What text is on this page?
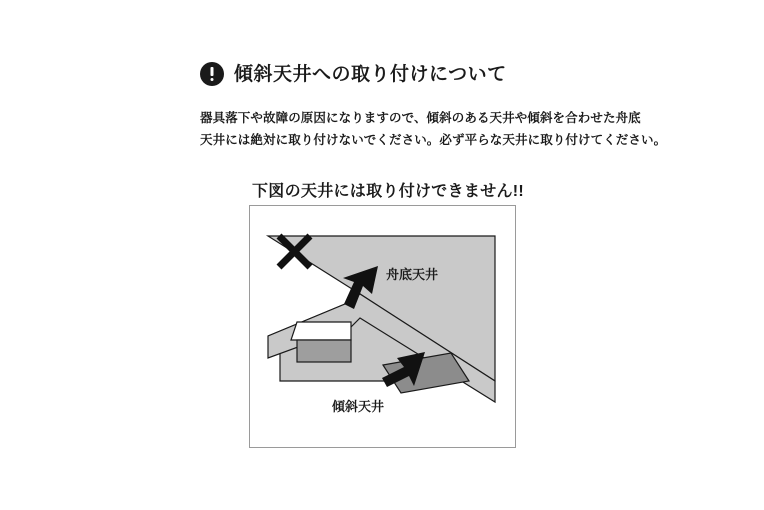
傾斜天井への取り付けについて
器具落下や故障の原因になりますので、傾斜のある天井や傾斜を合わせた舟底
天井には絶対に取り付けないでください。必ず平らな天井に取り付けてください。
下図の天井には取り付けできません!!
舟底天井
傾斜天井
